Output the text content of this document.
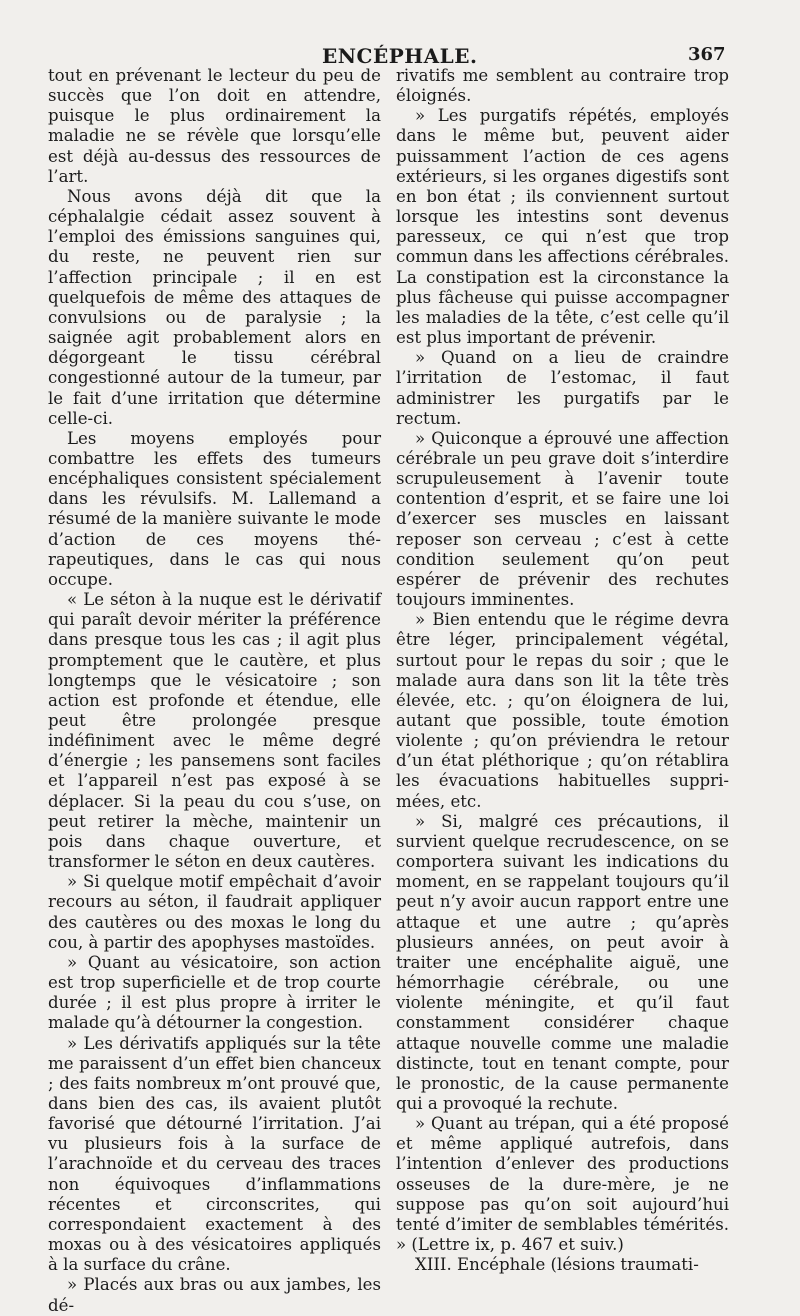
ENCÉPHALE.	367

tout en prévenant le lecteur du peu de succès que l’on doit en attendre, puisque le plus ordinairement la maladie ne se révèle que lorsqu’elle est déjà au-dessus des ressources de l’art.

Nous avons déjà dit que la céphalalgie cédait assez souvent à l’emploi des émissions sanguines qui, du reste, ne peuvent rien sur l’affection principale ; il en est quelquefois de même des attaques de convulsions ou de paralysie ; la saignée agit probablement alors en dégorgeant le tissu cérébral congestionné autour de la tumeur, par le fait d’une irritation que détermine celle-ci.

Les moyens employés pour combattre les effets des tumeurs encéphaliques consistent spécialement dans les révulsifs. M. Lallemand a résumé de la manière suivante le mode d’action de ces moyens thérapeutiques, dans le cas qui nous occupe.

« Le séton à la nuque est le dérivatif qui paraît devoir mériter la préférence dans presque tous les cas ; il agit plus promptement que le cautère, et plus longtemps que le vésicatoire ; son action est profonde et étendue, elle peut être prolongée presque indéfiniment avec le même degré d’énergie ; les pansemens sont faciles et l’appareil n’est pas exposé à se déplacer. Si la peau du cou s’use, on peut retirer la mèche, maintenir un pois dans chaque ouverture, et transformer le séton en deux cautères.

» Si quelque motif empêchait d’avoir recours au séton, il faudrait appliquer des cautères ou des moxas le long du cou, à partir des apophyses mastoïdes.

» Quant au vésicatoire, son action est trop superficielle et de trop courte durée ; il est plus propre à irriter le malade qu’à détourner la congestion.

» Les dérivatifs appliqués sur la tête me paraissent d’un effet bien chanceux ; des faits nombreux m’ont prouvé que, dans bien des cas, ils avaient plutôt favorisé que détourné l’irritation. J’ai vu plusieurs fois à la surface de l’arachnoïde et du cerveau des traces non équivoques d’inflammations récentes et circonscrites, qui correspondaient exactement à des moxas ou à des vésicatoires appliqués à la surface du crâne.

» Placés aux bras ou aux jambes, les dé-

rivatifs me semblent au contraire trop éloignés.

» Les purgatifs répétés, employés dans le même but, peuvent aider puissamment l’action de ces agens extérieurs, si les organes digestifs sont en bon état ; ils conviennent surtout lorsque les intestins sont devenus paresseux, ce qui n’est que trop commun dans les affections cérébrales. La constipation est la circonstance la plus fâcheuse qui puisse accompagner les maladies de la tête, c’est celle qu’il est plus important de prévenir.

» Quand on a lieu de craindre l’irritation de l’estomac, il faut administrer les purgatifs par le rectum.

» Quiconque a éprouvé une affection cérébrale un peu grave doit s’interdire scrupuleusement à l’avenir toute contention d’esprit, et se faire une loi d’exercer ses muscles en laissant reposer son cerveau ; c’est à cette condition seulement qu’on peut espérer de prévenir des rechutes toujours imminentes.

» Bien entendu que le régime devra être léger, principalement végétal, surtout pour le repas du soir ; que le malade aura dans son lit la tête très élevée, etc. ; qu’on éloignera de lui, autant que possible, toute émotion violente ; qu’on préviendra le retour d’un état pléthorique ; qu’on rétablira les évacuations habituelles supprimées, etc.

» Si, malgré ces précautions, il survient quelque recrudescence, on se comportera suivant les indications du moment, en se rappelant toujours qu’il peut n’y avoir aucun rapport entre une attaque et une autre ; qu’après plusieurs années, on peut avoir à traiter une encéphalite aiguë, une hémorrhagie cérébrale, ou une violente méningite, et qu’il faut constamment considérer chaque attaque nouvelle comme une maladie distincte, tout en tenant compte, pour le pronostic, de la cause permanente qui a provoqué la rechute.

» Quant au trépan, qui a été proposé et même appliqué autrefois, dans l’intention d’enlever des productions osseuses de la dure-mère, je ne suppose pas qu’on soit aujourd’hui tenté d’imiter de semblables témérités. » (Lettre ix, p. 467 et suiv.)

XIII. Encéphale (lésions traumati-
